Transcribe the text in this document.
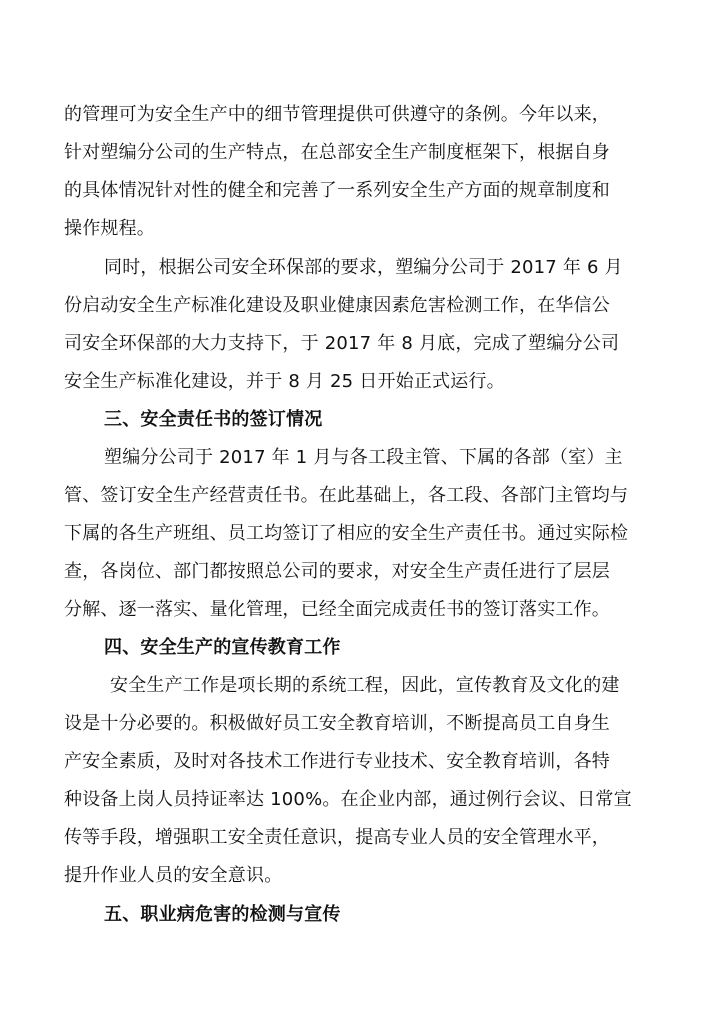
的管理可为安全生产中的细节管理提供可供遵守的条例。今年以来，
针对塑编分公司的生产特点，在总部安全生产制度框架下，根据自身
的具体情况针对性的健全和完善了一系列安全生产方面的规章制度和
操作规程。
同时，根据公司安全环保部的要求，塑编分公司于 2017 年 6 月
份启动安全生产标准化建设及职业健康因素危害检测工作，在华信公
司安全环保部的大力支持下，于 2017 年 8 月底，完成了塑编分公司
安全生产标准化建设，并于 8 月 25 日开始正式运行。
三、安全责任书的签订情况
塑编分公司于 2017 年 1 月与各工段主管、下属的各部（室）主
管、签订安全生产经营责任书。在此基础上，各工段、各部门主管均与
下属的各生产班组、员工均签订了相应的安全生产责任书。通过实际检
查，各岗位、部门都按照总公司的要求，对安全生产责任进行了层层
分解、逐一落实、量化管理，已经全面完成责任书的签订落实工作。
四、安全生产的宣传教育工作
安全生产工作是项长期的系统工程，因此，宣传教育及文化的建
设是十分必要的。积极做好员工安全教育培训，不断提高员工自身生
产安全素质，及时对各技术工作进行专业技术、安全教育培训，各特
种设备上岗人员持证率达 100%。在企业内部，通过例行会议、日常宣
传等手段，增强职工安全责任意识，提高专业人员的安全管理水平，
提升作业人员的安全意识。
五、职业病危害的检测与宣传
